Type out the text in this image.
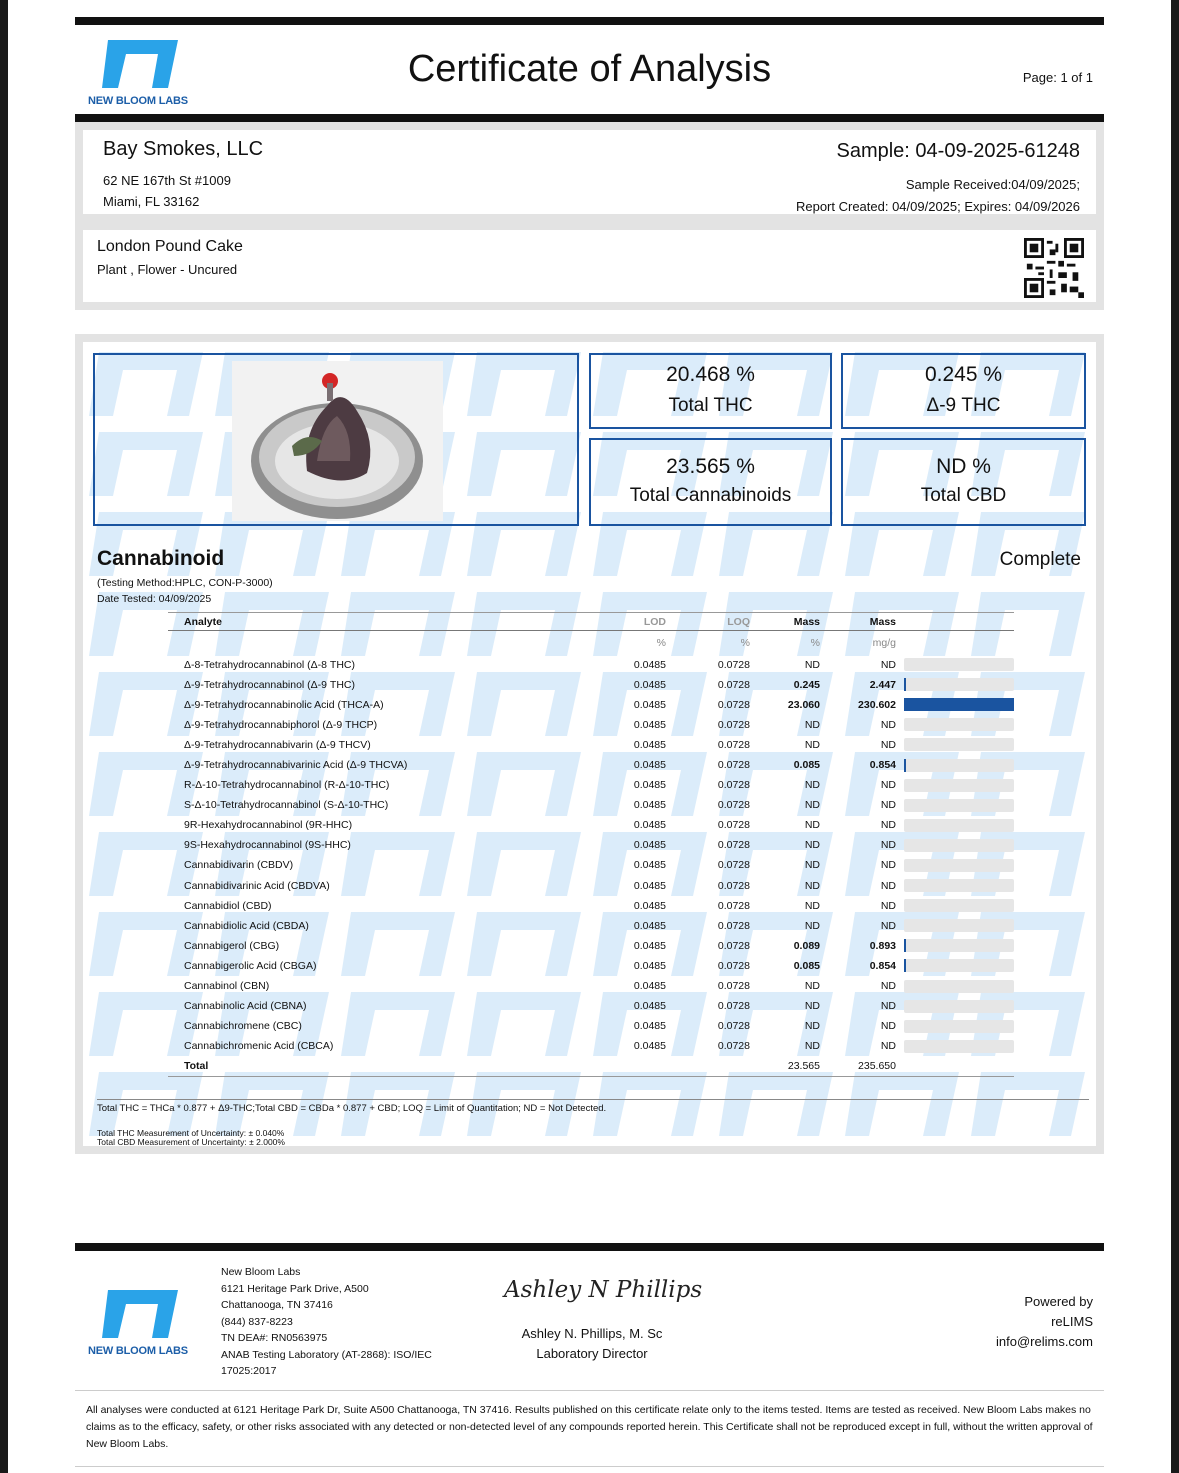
NEW BLOOM LABS
Certificate of Analysis	Page: 1 of 1
Bay Smokes, LLC
62 NE 167th St #1009
Miami, FL 33162
Sample: 04-09-2025-61248
Sample Received:04/09/2025;
Report Created: 04/09/2025; Expires: 04/09/2026
London Pound Cake
Plant , Flower - Uncured
20.468 %
Total THC
0.245 %
Δ-9 THC
23.565 %
Total Cannabinoids
ND %
Total CBD
Cannabinoid	Complete
(Testing Method:HPLC, CON-P-3000)
Date Tested: 04/09/2025
Analyte	LOD	LOQ	Mass	Mass	
	%	%	%	mg/g	
Δ-8-Tetrahydrocannabinol (Δ-8 THC)	0.0485	0.0728	ND	ND	

Δ-9-Tetrahydrocannabinol (Δ-9 THC)	0.0485	0.0728	0.245	2.447	

Δ-9-Tetrahydrocannabinolic Acid (THCA-A)	0.0485	0.0728	23.060	230.602	

Δ-9-Tetrahydrocannabiphorol (Δ-9 THCP)	0.0485	0.0728	ND	ND	

Δ-9-Tetrahydrocannabivarin (Δ-9 THCV)	0.0485	0.0728	ND	ND	

Δ-9-Tetrahydrocannabivarinic Acid (Δ-9 THCVA)	0.0485	0.0728	0.085	0.854	

R-Δ-10-Tetrahydrocannabinol (R-Δ-10-THC)	0.0485	0.0728	ND	ND	

S-Δ-10-Tetrahydrocannabinol (S-Δ-10-THC)	0.0485	0.0728	ND	ND	

9R-Hexahydrocannabinol (9R-HHC)	0.0485	0.0728	ND	ND	

9S-Hexahydrocannabinol (9S-HHC)	0.0485	0.0728	ND	ND	

Cannabidivarin (CBDV)	0.0485	0.0728	ND	ND	

Cannabidivarinic Acid (CBDVA)	0.0485	0.0728	ND	ND	

Cannabidiol (CBD)	0.0485	0.0728	ND	ND	

Cannabidiolic Acid (CBDA)	0.0485	0.0728	ND	ND	

Cannabigerol (CBG)	0.0485	0.0728	0.089	0.893	

Cannabigerolic Acid (CBGA)	0.0485	0.0728	0.085	0.854	

Cannabinol (CBN)	0.0485	0.0728	ND	ND	

Cannabinolic Acid (CBNA)	0.0485	0.0728	ND	ND	

Cannabichromene (CBC)	0.0485	0.0728	ND	ND	

Cannabichromenic Acid (CBCA)	0.0485	0.0728	ND	ND	

Total			23.565	235.650	
Total THC = THCa * 0.877 + Δ9-THC;Total CBD = CBDa * 0.877 + CBD; LOQ = Limit of Quantitation; ND = Not Detected.
Total THC Measurement of Uncertainty: ± 0.040%
Total CBD Measurement of Uncertainty: ± 2.000%
NEW BLOOM LABS
New Bloom Labs
6121 Heritage Park Drive, A500
Chattanooga, TN 37416
(844) 837-8223
TN DEA#: RN0563975
ANAB Testing Laboratory (AT-2868): ISO/IEC
17025:2017
Ashley N Phillips
Ashley N. Phillips, M. Sc
Laboratory Director
Powered by
reLIMS
info@relims.com
All analyses were conducted at 6121 Heritage Park Dr, Suite A500 Chattanooga, TN 37416. Results published on this certificate relate only to the items tested. Items are tested as received. New Bloom Labs makes no claims as to the efficacy, safety, or other risks associated with any detected or non-detected level of any compounds reported herein. This Certificate shall not be reproduced except in full, without the written approval of New Bloom Labs.
